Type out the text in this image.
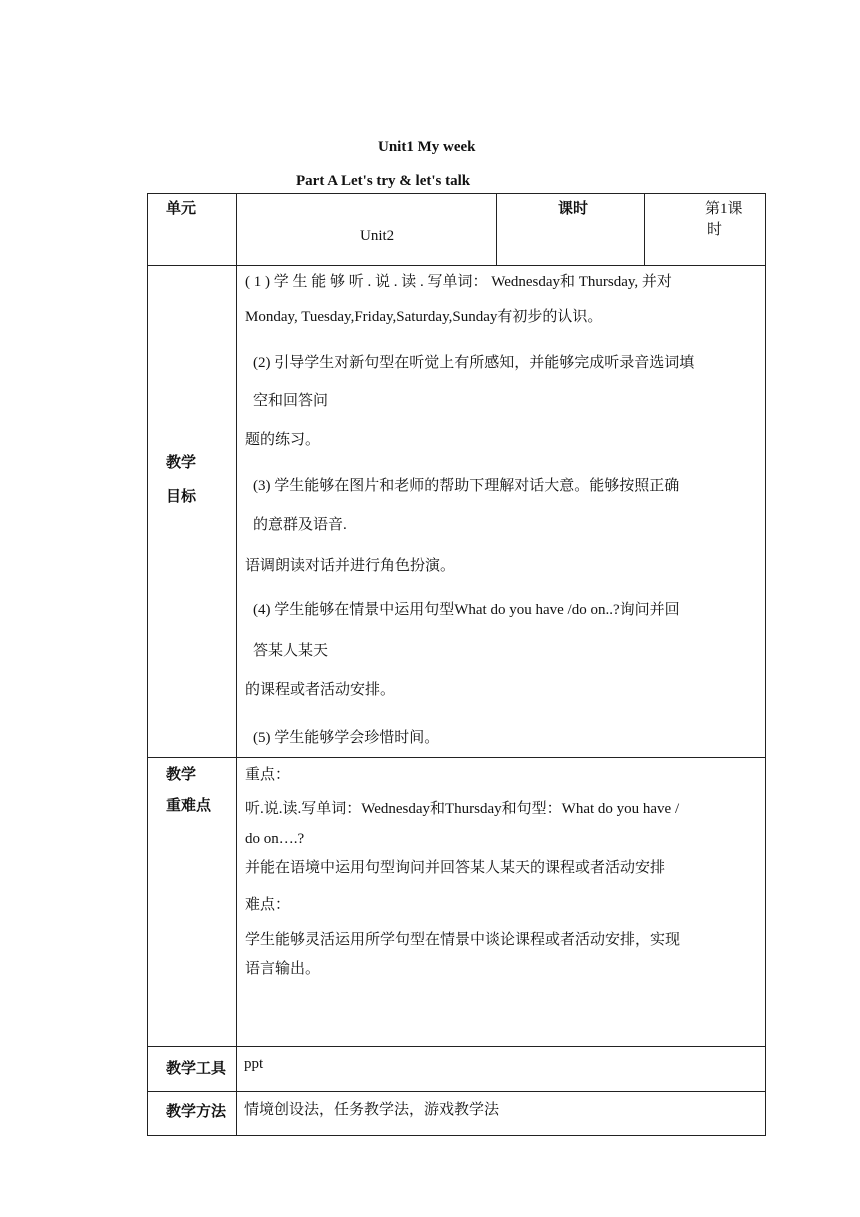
Unit1 My week
Part A Let's try & let's talk
单元
Unit2
课时	第1课
时
教学
目标
( 1 ) 学 生 能 够 听 . 说 . 读 . 写单词： Wednesday和 Thursday, 并对
Monday, Tuesday,Friday,Saturday,Sunday有初步的认识。
(2) 引导学生对新句型在听觉上有所感知，并能够完成听录音选词填
空和回答问
题的练习。
(3) 学生能够在图片和老师的帮助下理解对话大意。能够按照正确
的意群及语音.
语调朗读对话并进行角色扮演。
(4) 学生能够在情景中运用句型What do you have /do on..?询问并回
答某人某天
的课程或者活动安排。
(5) 学生能够学会珍惜时间。
教学
重难点
重点：
听.说.读.写单词：Wednesday和Thursday和句型：What do you have /
do on….?
并能在语境中运用句型询问并回答某人某天的课程或者活动安排
难点：
学生能够灵活运用所学句型在情景中谈论课程或者活动安排，实现
语言输出。
教学工具 ppt
教学方法 情境创设法，任务教学法，游戏教学法
